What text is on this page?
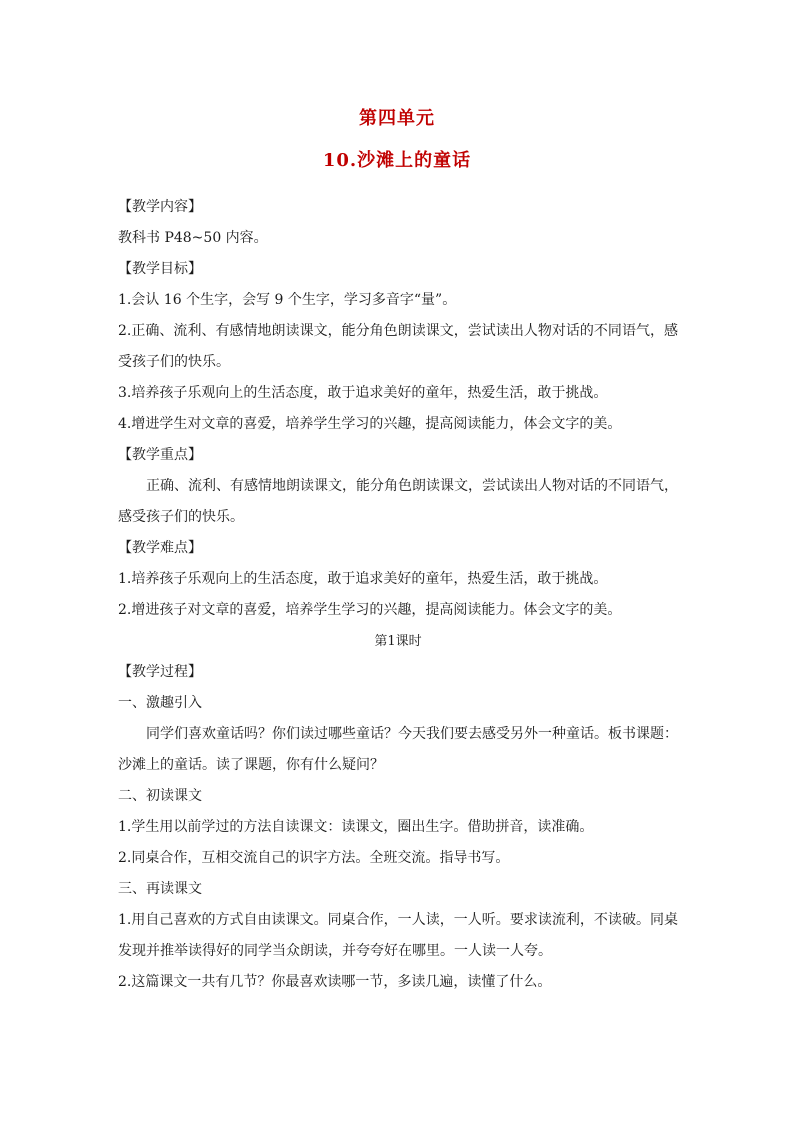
第四单元
10.沙滩上的童话

【教学内容】

教科书 P48~50 内容。

【教学目标】

1.会认 16 个生字，会写 9 个生字，学习多音字“量”。

2.正确、流利、有感情地朗读课文，能分角色朗读课文，尝试读出人物对话的不同语气，感受孩子们的快乐。

3.培养孩子乐观向上的生活态度，敢于追求美好的童年，热爱生活，敢于挑战。

4.增进学生对文章的喜爱，培养学生学习的兴趣，提高阅读能力，体会文字的美。

【教学重点】

正确、流利、有感情地朗读课文，能分角色朗读课文，尝试读出人物对话的不同语气，感受孩子们的快乐。

【教学难点】

1.培养孩子乐观向上的生活态度，敢于追求美好的童年，热爱生活，敢于挑战。

2.增进孩子对文章的喜爱，培养学生学习的兴趣，提高阅读能力。体会文字的美。

第1课时

【教学过程】

一、激趣引入

同学们喜欢童话吗？你们读过哪些童话？今天我们要去感受另外一种童话。板书课题：沙滩上的童话。读了课题，你有什么疑问？

二、初读课文

1.学生用以前学过的方法自读课文：读课文，圈出生字。借助拼音，读准确。

2.同桌合作，互相交流自己的识字方法。全班交流。指导书写。

三、再读课文

1.用自己喜欢的方式自由读课文。同桌合作，一人读，一人听。要求读流利，不读破。同桌发现并推举读得好的同学当众朗读，并夸夸好在哪里。一人读一人夸。

2.这篇课文一共有几节？你最喜欢读哪一节，多读几遍，读懂了什么。
